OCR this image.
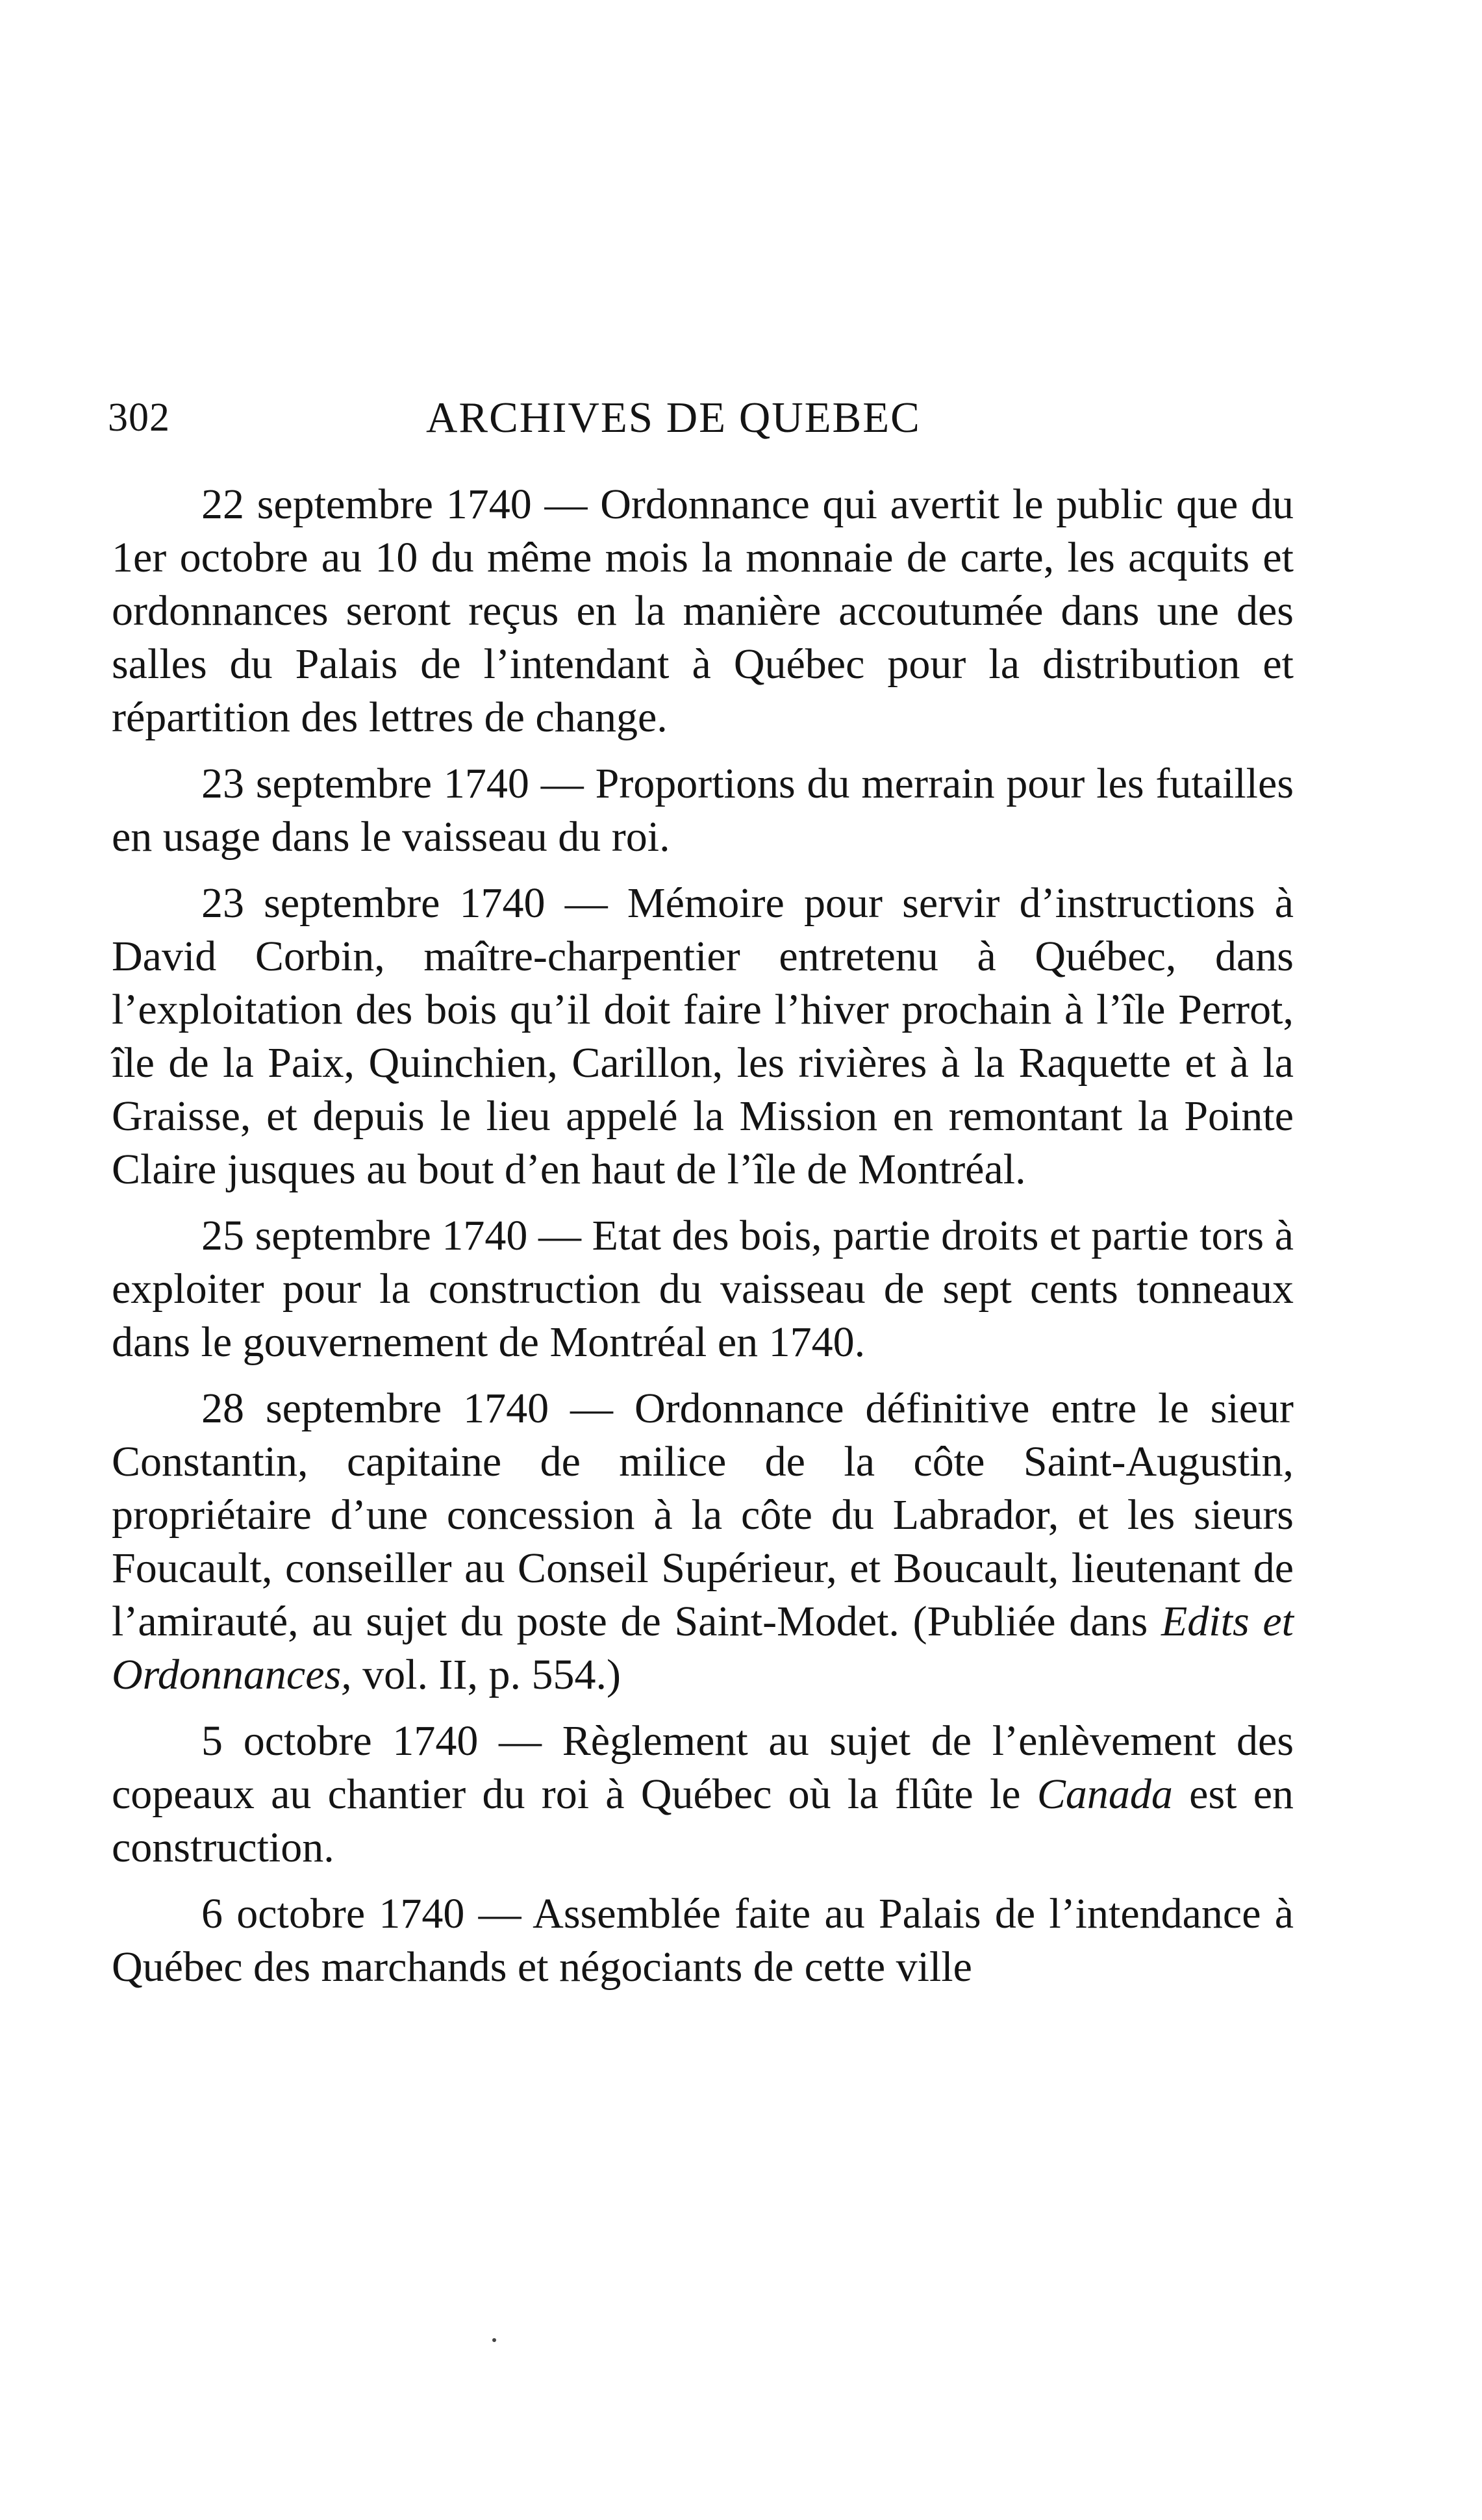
302	ARCHIVES DE QUEBEC

22 septembre 1740 — Ordonnance qui avertit le public que du 1er octobre au 10 du même mois la monnaie de carte, les acquits et ordonnances seront reçus en la manière accoutumée dans une des salles du Palais de l’intendant à Québec pour la distribution et répartition des lettres de change.

23 septembre 1740 — Proportions du merrain pour les futailles en usage dans le vaisseau du roi.

23 septembre 1740 — Mémoire pour servir d’instructions à David Corbin, maître-charpentier entretenu à Québec, dans l’exploitation des bois qu’il doit faire l’hiver prochain à l’île Perrot, île de la Paix, Quinchien, Carillon, les rivières à la Raquette et à la Graisse, et depuis le lieu appelé la Mission en remontant la Pointe Claire jusques au bout d’en haut de l’île de Montréal.

25 septembre 1740 — Etat des bois, partie droits et partie tors à exploiter pour la construction du vaisseau de sept cents tonneaux dans le gouvernement de Montréal en 1740.

28 septembre 1740 — Ordonnance définitive entre le sieur Constantin, capitaine de milice de la côte Saint-Augustin, propriétaire d’une concession à la côte du Labrador, et les sieurs Foucault, conseiller au Conseil Supérieur, et Boucault, lieutenant de l’amirauté, au sujet du poste de Saint-Modet. (Publiée dans Edits et Ordonnances, vol. II, p. 554.)

5 octobre 1740 — Règlement au sujet de l’enlèvement des copeaux au chantier du roi à Québec où la flûte le Canada est en construction.

6 octobre 1740 — Assemblée faite au Palais de l’intendance à Québec des marchands et négociants de cette ville
